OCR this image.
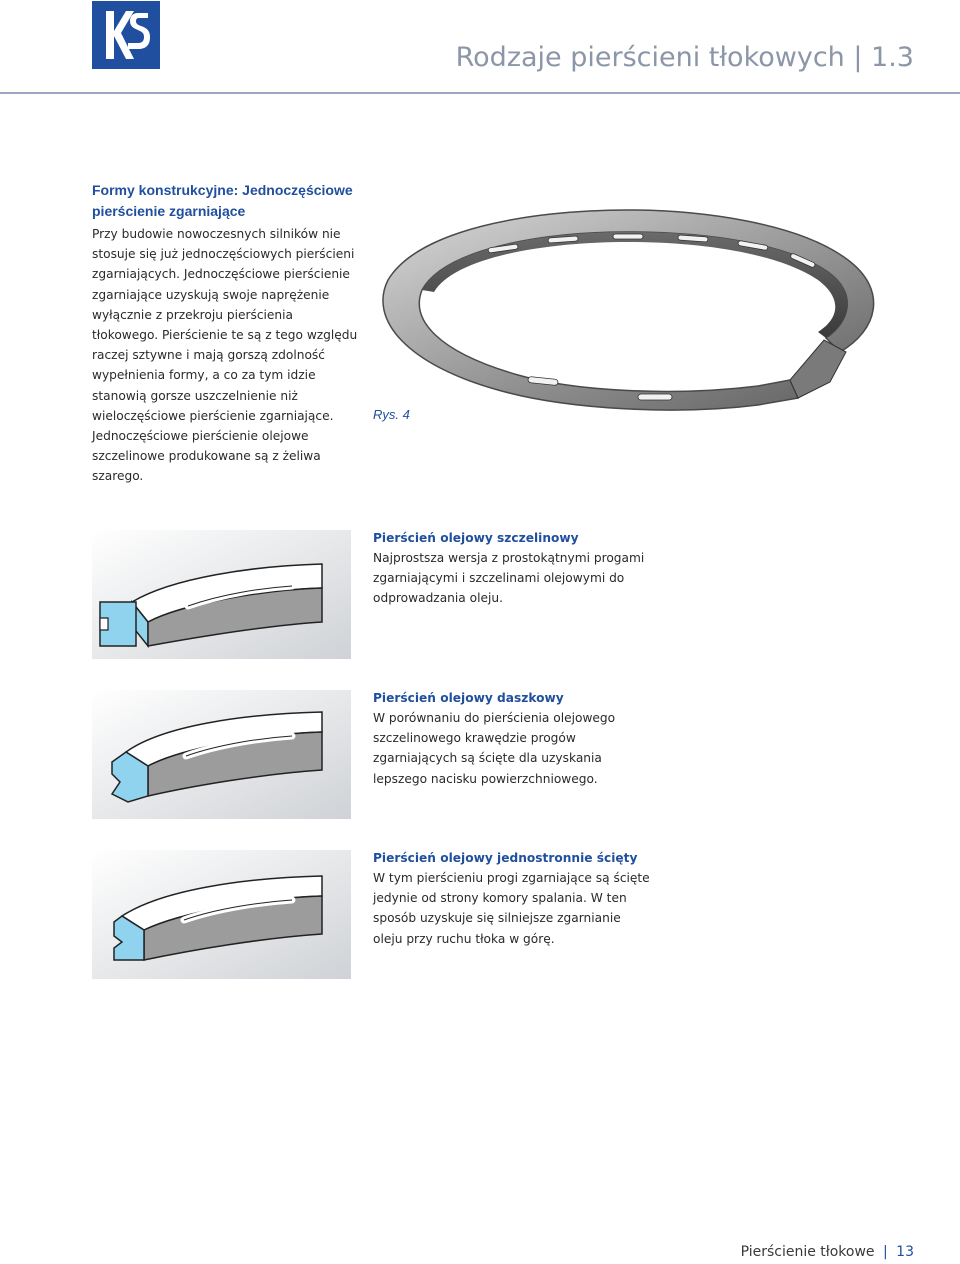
Rodzaje pierścieni tłokowych | 1.3
Formy konstrukcyjne: Jednoczęściowe pierścienie zgarniające

Przy budowie nowoczesnych silników nie stosuje się już jednoczęściowych pierścieni zgarniających. Jednoczęściowe pierścienie zgarniające uzyskują swoje naprężenie wyłącznie z przekroju pierścienia tłokowego. Pierścienie te są z tego względu raczej sztywne i mają gorszą zdolność wypełnienia formy, a co za tym idzie stanowią gorsze uszczelnienie niż wieloczęściowe pierścienie zgarniające. Jednoczęściowe pierścienie olejowe szczelinowe produkowane są z żeliwa szarego.

Rys. 4
Pierścień olejowy szczelinowy

Najprostsza wersja z prostokątnymi progami zgarniającymi i szczelinami olejowymi do odprowadzania oleju.

Pierścień olejowy daszkowy

W porównaniu do pierścienia olejowego szczelinowego krawędzie progów zgarniających są ścięte dla uzyskania lepszego nacisku powierzchniowego.

Pierścień olejowy jednostronnie ścięty

W tym pierścieniu progi zgarniające są ścięte jedynie od strony komory spalania. W ten sposób uzyskuje się silniejsze zgarnianie oleju przy ruchu tłoka w górę.

Pierścienie tłokowe | 13
